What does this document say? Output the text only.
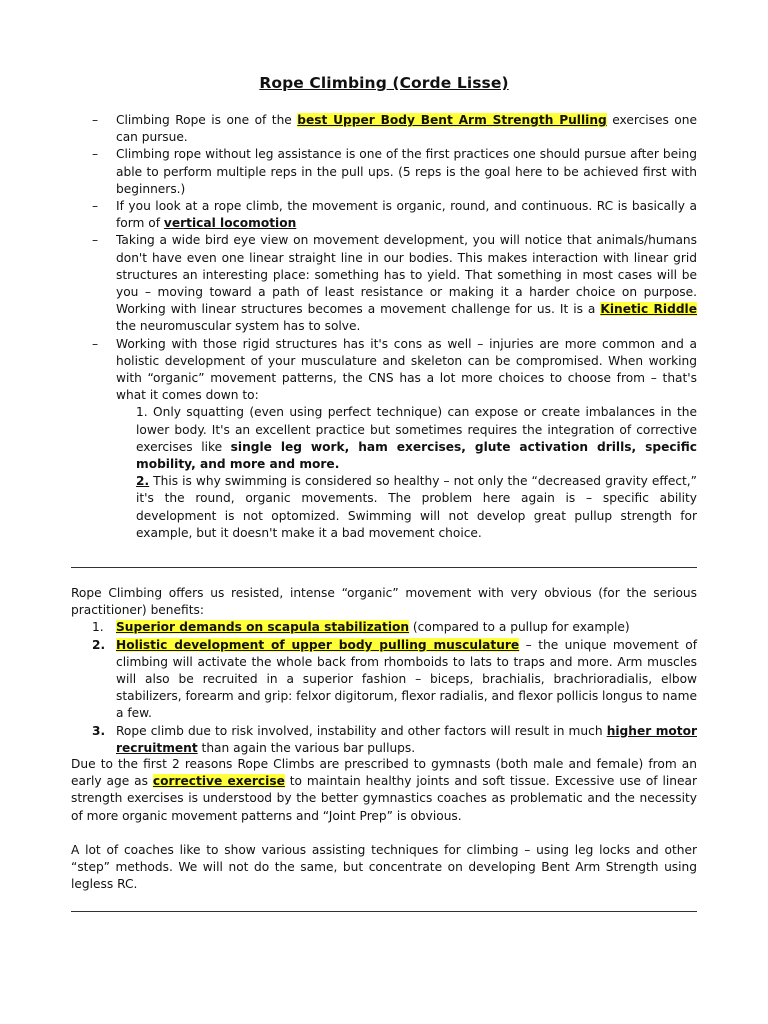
Rope Climbing (Corde Lisse)
– Climbing Rope is one of the best Upper Body Bent Arm Strength Pulling exercises one can pursue.
– Climbing rope without leg assistance is one of the first practices one should pursue after being able to perform multiple reps in the pull ups. (5 reps is the goal here to be achieved first with beginners.)
– If you look at a rope climb, the movement is organic, round, and continuous. RC is basically a form of vertical locomotion
– Taking a wide bird eye view on movement development, you will notice that animals/humans don't have even one linear straight line in our bodies. This makes interaction with linear grid structures an interesting place: something has to yield. That something in most cases will be you – moving toward a path of least resistance or making it a harder choice on purpose. Working with linear structures becomes a movement challenge for us. It is a Kinetic Riddle the neuromuscular system has to solve.
– Working with those rigid structures has it's cons as well – injuries are more common and a holistic development of your musculature and skeleton can be compromised. When working with “organic” movement patterns, the CNS has a lot more choices to choose from – that's what it comes down to:

1. Only squatting (even using perfect technique) can expose or create imbalances in the lower body. It's an excellent practice but sometimes requires the integration of corrective exercises like single leg work, ham exercises, glute activation drills, specific mobility, and more and more.

2. This is why swimming is considered so healthy – not only the “decreased gravity effect,” it's the round, organic movements. The problem here again is – specific ability development is not optomized. Swimming will not develop great pullup strength for example, but it doesn't make it a bad movement choice.

Rope Climbing offers us resisted, intense “organic” movement with very obvious (for the serious practitioner) benefits:

1. Superior demands on scapula stabilization (compared to a pullup for example)
2. Holistic development of upper body pulling musculature – the unique movement of climbing will activate the whole back from rhomboids to lats to traps and more. Arm muscles will also be recruited in a superior fashion – biceps, brachialis, brachrioradialis, elbow stabilizers, forearm and grip: felxor digitorum, flexor radialis, and flexor pollicis longus to name a few.
3. Rope climb due to risk involved, instability and other factors will result in much higher motor recruitment than again the various bar pullups.

Due to the first 2 reasons Rope Climbs are prescribed to gymnasts (both male and female) from an early age as corrective exercise to maintain healthy joints and soft tissue. Excessive use of linear strength exercises is understood by the better gymnastics coaches as problematic and the necessity of more organic movement patterns and “Joint Prep” is obvious.

A lot of coaches like to show various assisting techniques for climbing – using leg locks and other “step” methods. We will not do the same, but concentrate on developing Bent Arm Strength using legless RC.
